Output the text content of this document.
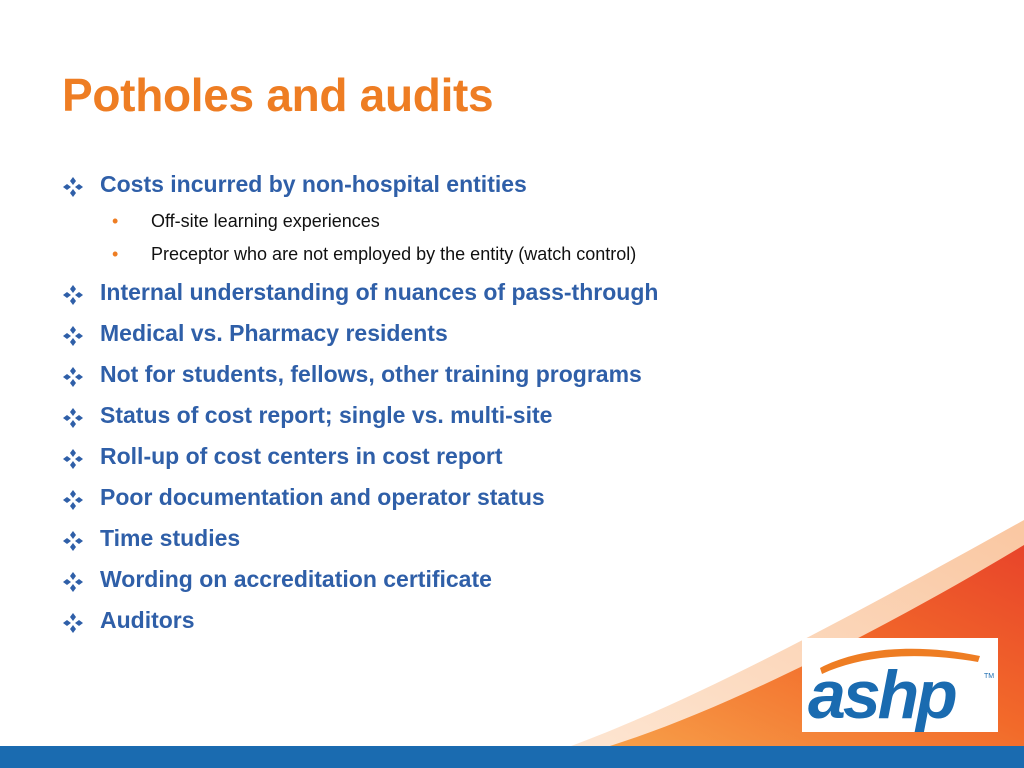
Potholes and audits
Costs incurred by non-hospital entities
• Off-site learning experiences
• Preceptor who are not employed by the entity (watch control)
Internal understanding of nuances of pass-through
Medical vs. Pharmacy residents
Not for students, fellows, other training programs
Status of cost report; single vs. multi-site
Roll-up of cost centers in cost report
Poor documentation and operator status
Time studies
Wording on accreditation certificate
Auditors
ashp	TM
